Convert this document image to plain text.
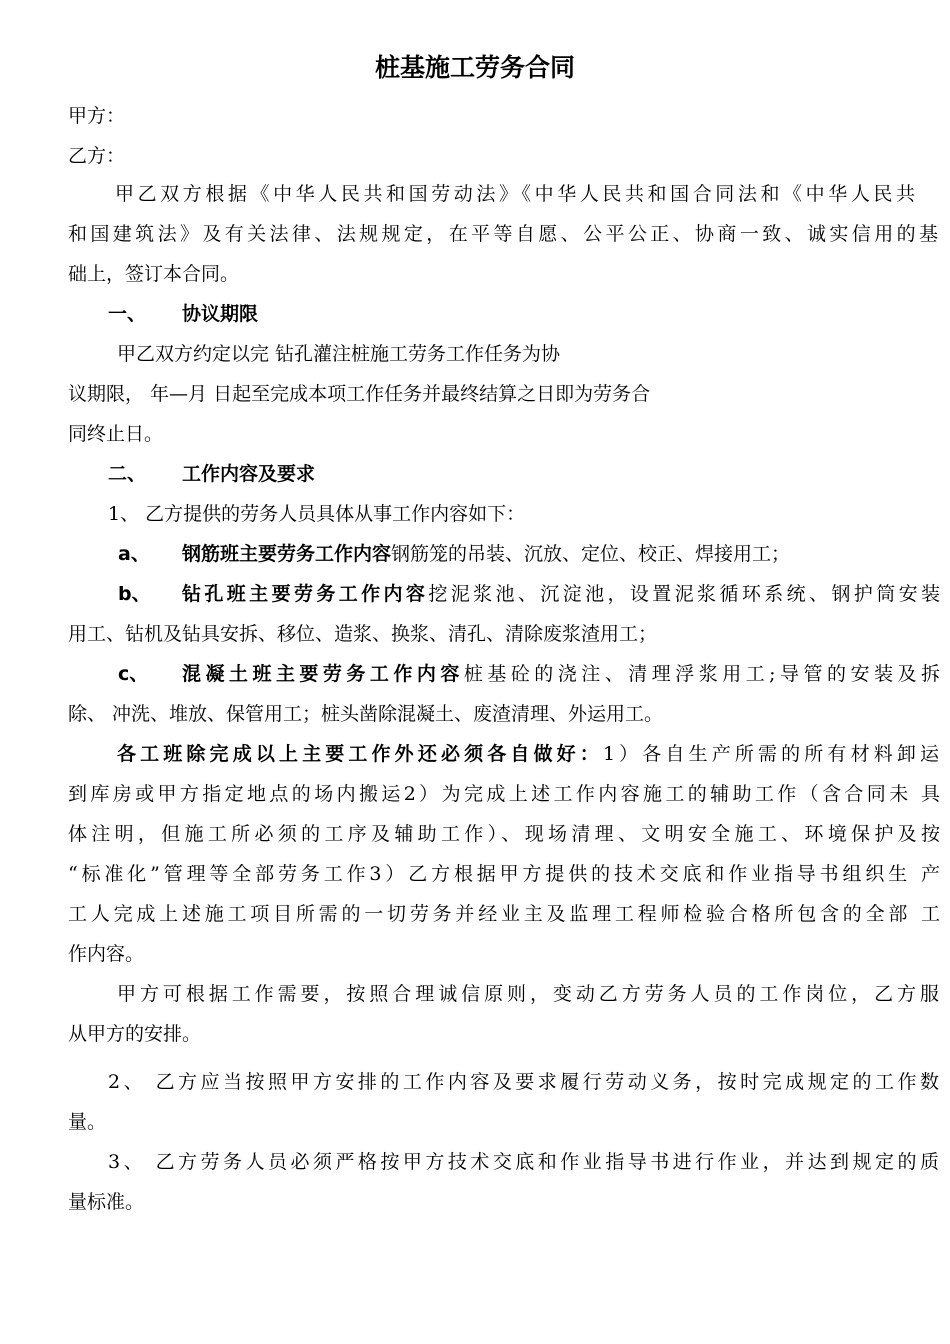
桩基施工劳务合同
甲方：
乙方：
甲乙双方根据《中华人民共和国劳动法》《中华人民共和国合同法和《中华人民共
和国建筑法》及有关法律、法规规定，在平等自愿、公平公正、协商一致、诚实信用的基
础上，签订本合同。
一、 协议期限
甲乙双方约定以完 钻孔灌注桩施工劳务工作任务为协
议期限， 年—月 日起至完成本项工作任务并最终结算之日即为劳务合
同终止日。
二、 工作内容及要求
1、 乙方提供的劳务人员具体从事工作内容如下：
a、 钢筋班主要劳务工作内容钢筋笼的吊装、沉放、定位、校正、焊接用工；
b、 钻孔班主要劳务工作内容挖泥浆池、沉淀池，设置泥浆循环系统、钢护筒安装
用工、钻机及钻具安拆、移位、造浆、换浆、清孔、清除废浆渣用工；
c、 混凝土班主要劳务工作内容桩基砼的浇注、清理浮浆用工;导管的安装及拆
除、 冲洗、堆放、保管用工；桩头凿除混凝土、废渣清理、外运用工。
各工班除完成以上主要工作外还必须各自做好：1）各自生产所需的所有材料卸运
到库房或甲方指定地点的场内搬运2）为完成上述工作内容施工的辅助工作（含合同未 具
体注明，但施工所必须的工序及辅助工作）、现场清理、文明安全施工、环境保护及按
“标准化”管理等全部劳务工作3）乙方根据甲方提供的技术交底和作业指导书组织生 产
工人完成上述施工项目所需的一切劳务并经业主及监理工程师检验合格所包含的全部 工
作内容。
甲方可根据工作需要，按照合理诚信原则，变动乙方劳务人员的工作岗位，乙方服
从甲方的安排。
2、 乙方应当按照甲方安排的工作内容及要求履行劳动义务，按时完成规定的工作数
量。
3、 乙方劳务人员必须严格按甲方技术交底和作业指导书进行作业，并达到规定的质
量标准。
